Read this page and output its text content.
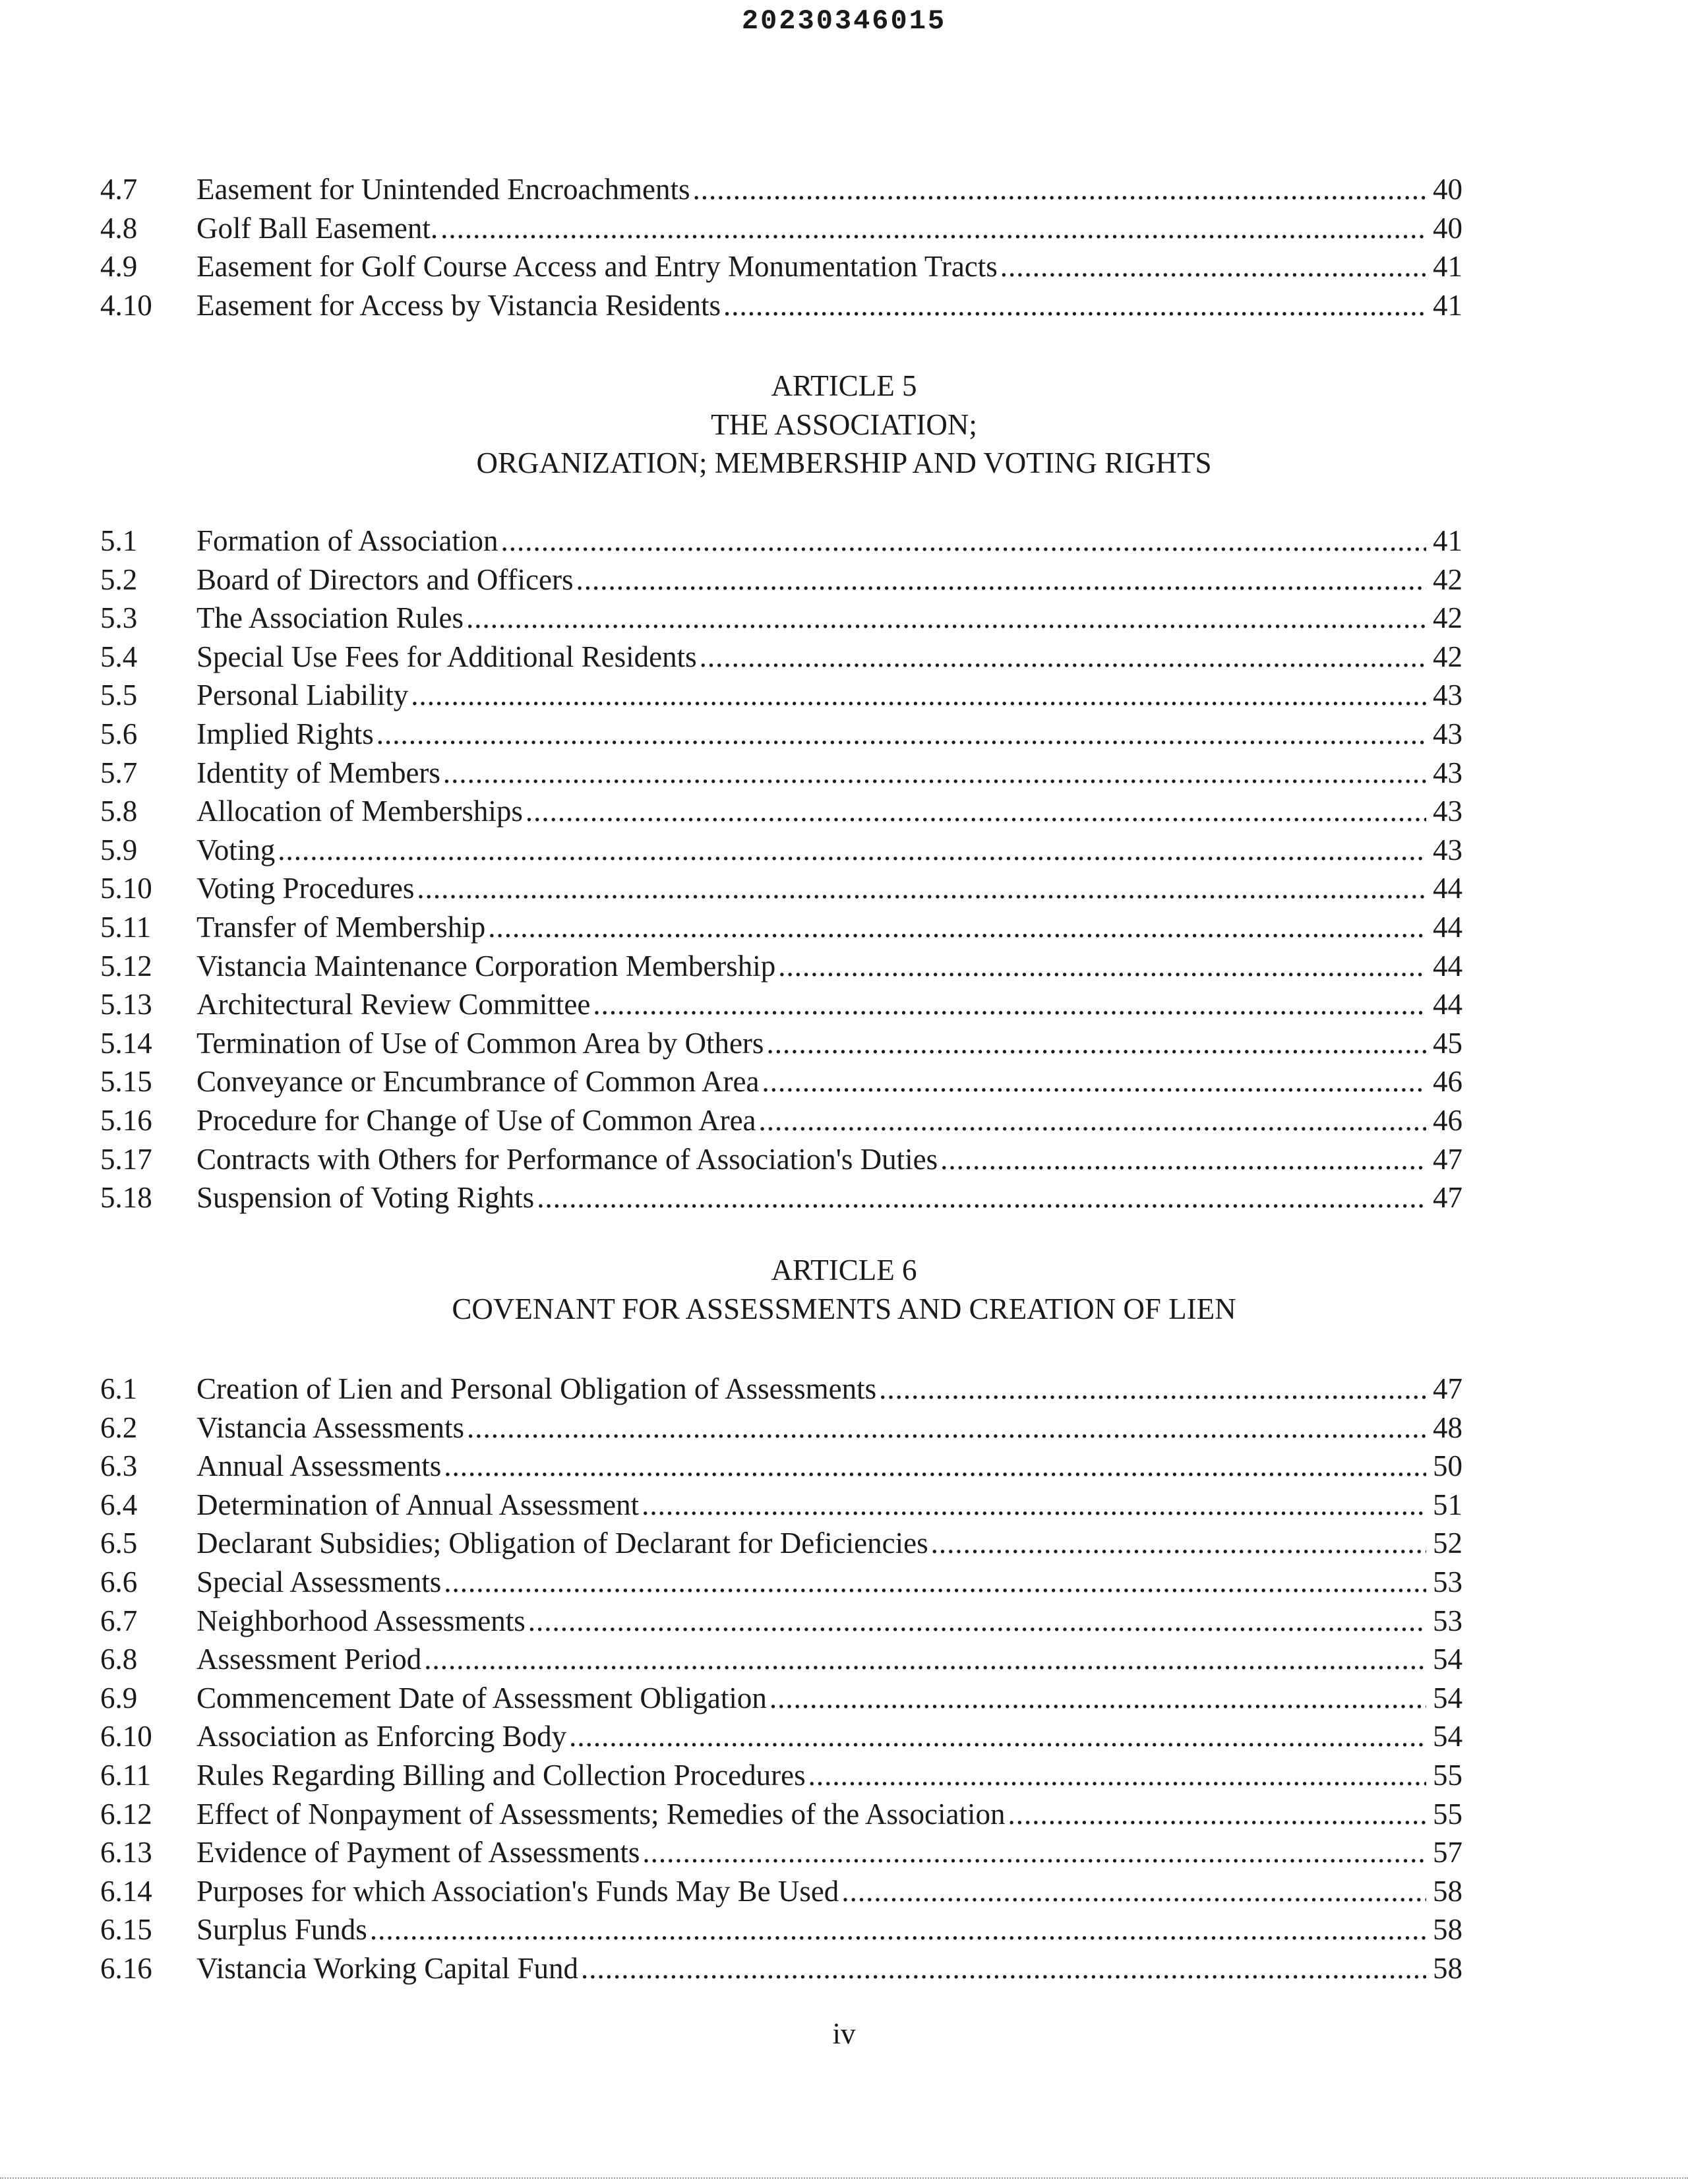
20230346015
4.7 Easement for Unintended Encroachments .....	40
4.8 Golf Ball Easement. .....	40
4.9 Easement for Golf Course Access and Entry Monumentation Tracts .....	41
4.10 Easement for Access by Vistancia Residents .....	41
ARTICLE 5
THE ASSOCIATION;
ORGANIZATION; MEMBERSHIP AND VOTING RIGHTS
5.1 Formation of Association .....	41
5.2 Board of Directors and Officers .....	42
5.3 The Association Rules .....	42
5.4 Special Use Fees for Additional Residents .....	42
5.5 Personal Liability .....	43
5.6 Implied Rights .....	43
5.7 Identity of Members .....	43
5.8 Allocation of Memberships .....	43
5.9 Voting .....	43
5.10 Voting Procedures .....	44
5.11 Transfer of Membership .....	44
5.12 Vistancia Maintenance Corporation Membership .....	44
5.13 Architectural Review Committee .....	44
5.14 Termination of Use of Common Area by Others .....	45
5.15 Conveyance or Encumbrance of Common Area .....	46
5.16 Procedure for Change of Use of Common Area .....	46
5.17 Contracts with Others for Performance of Association's Duties .....	47
5.18 Suspension of Voting Rights .....	47
ARTICLE 6
COVENANT FOR ASSESSMENTS AND CREATION OF LIEN
6.1 Creation of Lien and Personal Obligation of Assessments .....	47
6.2 Vistancia Assessments .....	48
6.3 Annual Assessments .....	50
6.4 Determination of Annual Assessment .....	51
6.5 Declarant Subsidies; Obligation of Declarant for Deficiencies .....	52
6.6 Special Assessments .....	53
6.7 Neighborhood Assessments .....	53
6.8 Assessment Period .....	54
6.9 Commencement Date of Assessment Obligation .....	54
6.10 Association as Enforcing Body .....	54
6.11 Rules Regarding Billing and Collection Procedures .....	55
6.12 Effect of Nonpayment of Assessments; Remedies of the Association .....	55
6.13 Evidence of Payment of Assessments .....	57
6.14 Purposes for which Association's Funds May Be Used .....	58
6.15 Surplus Funds .....	58
6.16 Vistancia Working Capital Fund .....	58
iv
